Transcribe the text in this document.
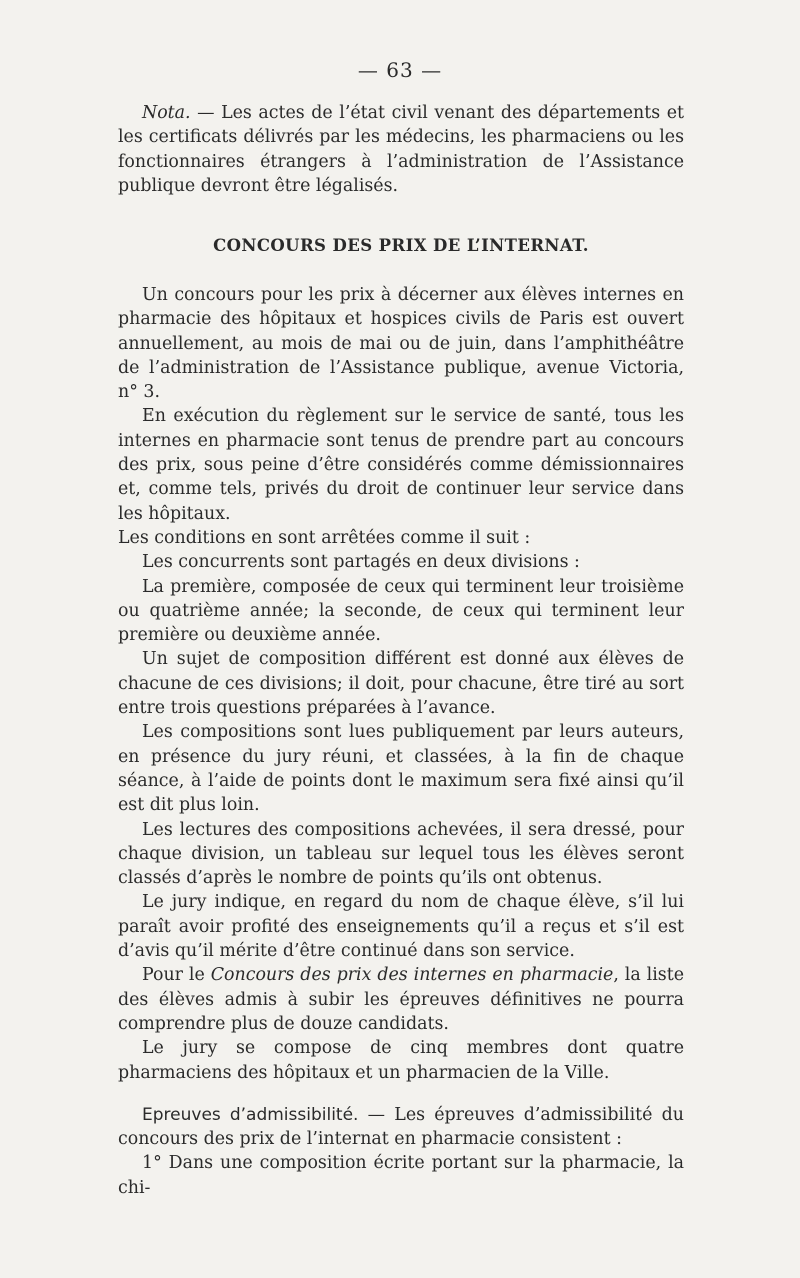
— 63 —

Nota. — Les actes de l’état civil venant des départements et les certificats délivrés par les médecins, les pharmaciens ou les fonctionnaires étrangers à l’administration de l’Assistance publique devront être légalisés.

CONCOURS DES PRIX DE L’INTERNAT.

Un concours pour les prix à décerner aux élèves internes en pharmacie des hôpitaux et hospices civils de Paris est ouvert annuellement, au mois de mai ou de juin, dans l’amphithéâtre de l’administration de l’Assistance publique, avenue Victoria, n° 3.

En exécution du règlement sur le service de santé, tous les internes en pharmacie sont tenus de prendre part au concours des prix, sous peine d’être considérés comme démissionnaires et, comme tels, privés du droit de continuer leur service dans les hôpitaux.

Les conditions en sont arrêtées comme il suit :

Les concurrents sont partagés en deux divisions :

La première, composée de ceux qui terminent leur troisième ou quatrième année; la seconde, de ceux qui terminent leur première ou deuxième année.

Un sujet de composition différent est donné aux élèves de chacune de ces divisions; il doit, pour chacune, être tiré au sort entre trois questions préparées à l’avance.

Les compositions sont lues publiquement par leurs auteurs, en présence du jury réuni, et classées, à la fin de chaque séance, à l’aide de points dont le maximum sera fixé ainsi qu’il est dit plus loin.

Les lectures des compositions achevées, il sera dressé, pour chaque division, un tableau sur lequel tous les élèves seront classés d’après le nombre de points qu’ils ont obtenus.

Le jury indique, en regard du nom de chaque élève, s’il lui paraît avoir profité des enseignements qu’il a reçus et s’il est d’avis qu’il mérite d’être continué dans son service.

Pour le Concours des prix des internes en pharmacie, la liste des élèves admis à subir les épreuves définitives ne pourra comprendre plus de douze candidats.

Le jury se compose de cinq membres dont quatre pharmaciens des hôpitaux et un pharmacien de la Ville.

Epreuves d’admissibilité. — Les épreuves d’admissibilité du concours des prix de l’internat en pharmacie consistent :

1° Dans une composition écrite portant sur la pharmacie, la chi-
